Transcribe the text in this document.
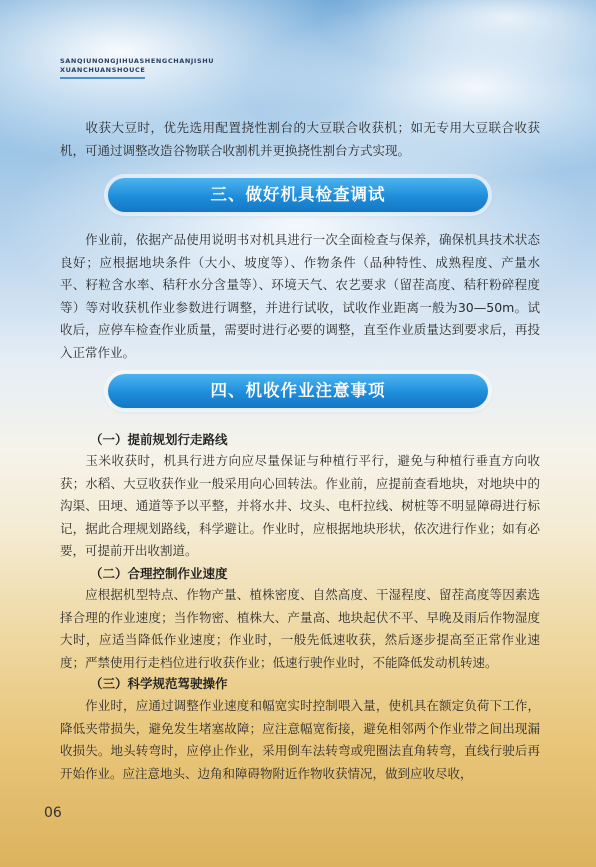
SANQIUNONGJIHUASHENGCHANJISHU
XUANCHUANSHOUCE

收获大豆时，优先选用配置挠性割台的大豆联合收获机；如无专用大豆联合收获机，可通过调整改造谷物联合收割机并更换挠性割台方式实现。

三、做好机具检查调试

作业前，依据产品使用说明书对机具进行一次全面检查与保养，确保机具技术状态良好；应根据地块条件（大小、坡度等）、作物条件（品种特性、成熟程度、产量水平、籽粒含水率、秸秆水分含量等）、环境天气、农艺要求（留茬高度、秸秆粉碎程度等）等对收获机作业参数进行调整，并进行试收，试收作业距离一般为30—50m。试收后，应停车检查作业质量，需要时进行必要的调整，直至作业质量达到要求后，再投入正常作业。

四、机收作业注意事项
（一）提前规划行走路线

玉米收获时，机具行进方向应尽量保证与种植行平行，避免与种植行垂直方向收获；水稻、大豆收获作业一般采用向心回转法。作业前，应提前查看地块，对地块中的沟渠、田埂、通道等予以平整，并将水井、坟头、电杆拉线、树桩等不明显障碍进行标记，据此合理规划路线，科学避让。作业时，应根据地块形状，依次进行作业；如有必要，可提前开出收割道。

（二）合理控制作业速度

应根据机型特点、作物产量、植株密度、自然高度、干湿程度、留茬高度等因素选择合理的作业速度；当作物密、植株大、产量高、地块起伏不平、早晚及雨后作物湿度大时，应适当降低作业速度；作业时，一般先低速收获，然后逐步提高至正常作业速度；严禁使用行走档位进行收获作业；低速行驶作业时，不能降低发动机转速。

（三）科学规范驾驶操作

作业时，应通过调整作业速度和幅宽实时控制喂入量，使机具在额定负荷下工作，降低夹带损失，避免发生堵塞故障；应注意幅宽衔接，避免相邻两个作业带之间出现漏收损失。地头转弯时，应停止作业，采用倒车法转弯或兜圈法直角转弯，直线行驶后再开始作业。应注意地头、边角和障碍物附近作物收获情况，做到应收尽收，

06
